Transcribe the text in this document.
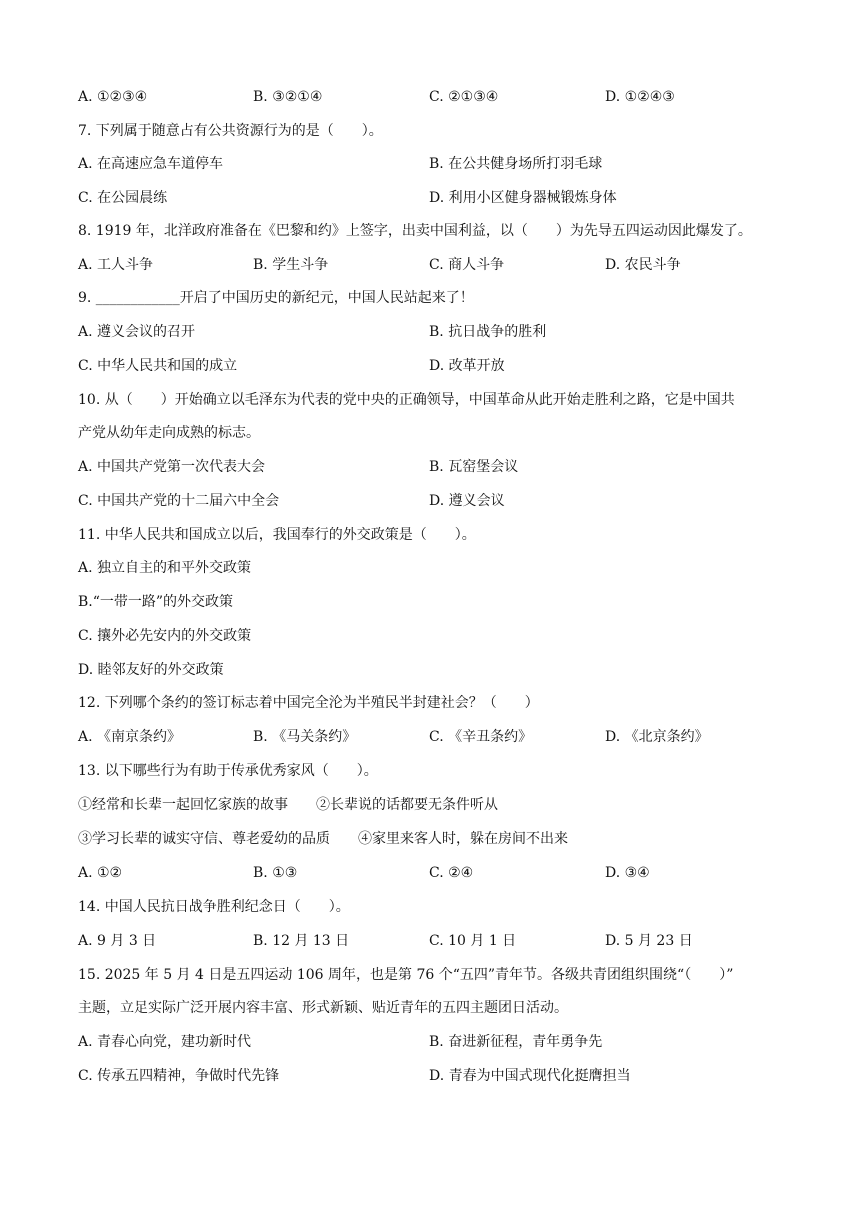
A. ①②③④	B. ③②①④	C. ②①③④	D. ①②④③
7. 下列属于随意占有公共资源行为的是（　　）。
A. 在高速应急车道停车	B. 在公共健身场所打羽毛球
C. 在公园晨练	D. 利用小区健身器械锻炼身体
8. 1919 年，北洋政府准备在《巴黎和约》上签字，出卖中国利益，以（　　）为先导五四运动因此爆发了。
A. 工人斗争	B. 学生斗争	C. 商人斗争	D. 农民斗争
9. ____________开启了中国历史的新纪元，中国人民站起来了！
A. 遵义会议的召开	B. 抗日战争的胜利
C. 中华人民共和国的成立	D. 改革开放
10. 从（　　）开始确立以毛泽东为代表的党中央的正确领导，中国革命从此开始走胜利之路，它是中国共
产党从幼年走向成熟的标志。
A. 中国共产党第一次代表大会	B. 瓦窑堡会议
C. 中国共产党的十二届六中全会	D. 遵义会议
11. 中华人民共和国成立以后，我国奉行的外交政策是（　　）。
A. 独立自主的和平外交政策
B.“一带一路”的外交政策
C. 攘外必先安内的外交政策
D. 睦邻友好的外交政策
12. 下列哪个条约的签订标志着中国完全沦为半殖民半封建社会？（　　）
A. 《南京条约》	B. 《马关条约》	C. 《辛丑条约》	D. 《北京条约》
13. 以下哪些行为有助于传承优秀家风（　　）。
①经常和长辈一起回忆家族的故事　　②长辈说的话都要无条件听从
③学习长辈的诚实守信、尊老爱幼的品质　　④家里来客人时，躲在房间不出来
A. ①②	B. ①③	C. ②④	D. ③④
14. 中国人民抗日战争胜利纪念日（　　）。
A. 9 月 3 日	B. 12 月 13 日	C. 10 月 1 日	D. 5 月 23 日
15. 2025 年 5 月 4 日是五四运动 106 周年，也是第 76 个“五四”青年节。各级共青团组织围绕“（　　）”
主题，立足实际广泛开展内容丰富、形式新颖、贴近青年的五四主题团日活动。
A. 青春心向党，建功新时代	B. 奋进新征程，青年勇争先
C. 传承五四精神，争做时代先锋	D. 青春为中国式现代化挺膺担当
